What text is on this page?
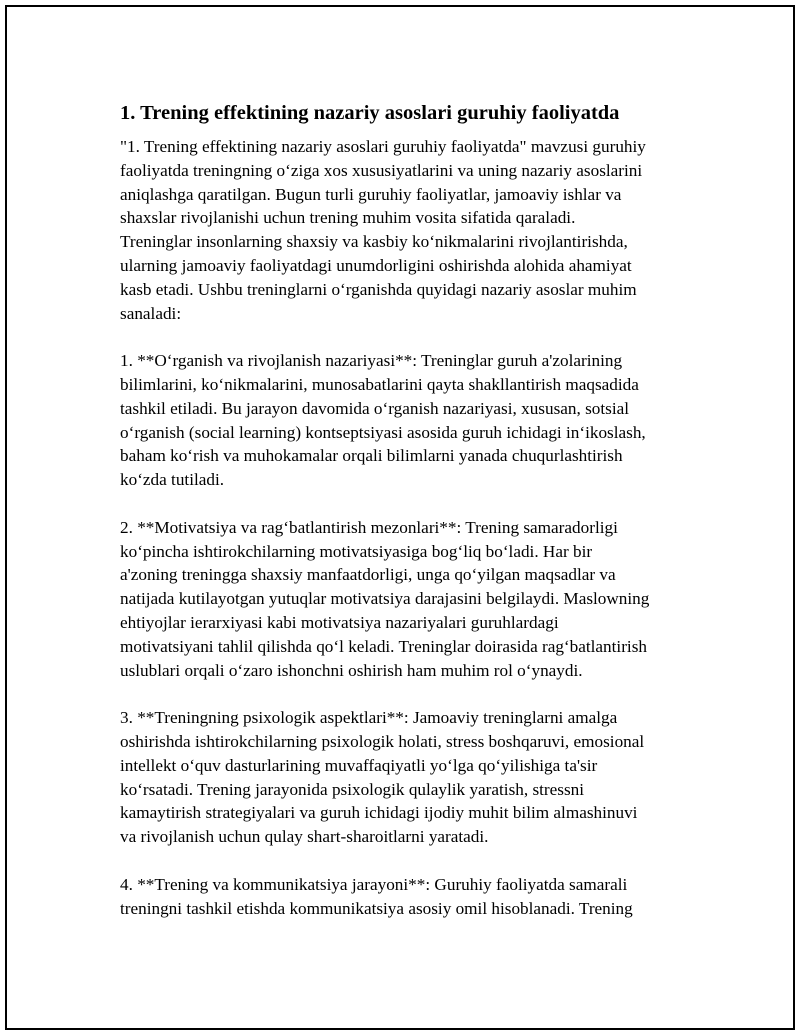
1. Trening effektining nazariy asoslari guruhiy faoliyatda
"1. Trening effektining nazariy asoslari guruhiy faoliyatda" mavzusi guruhiy
faoliyatda treningning o‘ziga xos xususiyatlarini va uning nazariy asoslarini
aniqlashga qaratilgan. Bugun turli guruhiy faoliyatlar, jamoaviy ishlar va
shaxslar rivojlanishi uchun trening muhim vosita sifatida qaraladi.
Treninglar insonlarning shaxsiy va kasbiy ko‘nikmalarini rivojlantirishda,
ularning jamoaviy faoliyatdagi unumdorligini oshirishda alohida ahamiyat
kasb etadi. Ushbu treninglarni o‘rganishda quyidagi nazariy asoslar muhim
sanaladi:
1. **O‘rganish va rivojlanish nazariyasi**: Treninglar guruh a'zolarining
bilimlarini, ko‘nikmalarini, munosabatlarini qayta shakllantirish maqsadida
tashkil etiladi. Bu jarayon davomida o‘rganish nazariyasi, xususan, sotsial
o‘rganish (social learning) kontseptsiyasi asosida guruh ichidagi in‘ikoslash,
baham ko‘rish va muhokamalar orqali bilimlarni yanada chuqurlashtirish
ko‘zda tutiladi.
2. **Motivatsiya va rag‘batlantirish mezonlari**: Trening samaradorligi
ko‘pincha ishtirokchilarning motivatsiyasiga bog‘liq bo‘ladi. Har bir
a'zoning treningga shaxsiy manfaatdorligi, unga qo‘yilgan maqsadlar va
natijada kutilayotgan yutuqlar motivatsiya darajasini belgilaydi. Maslowning
ehtiyojlar ierarxiyasi kabi motivatsiya nazariyalari guruhlardagi
motivatsiyani tahlil qilishda qo‘l keladi. Treninglar doirasida rag‘batlantirish
uslublari orqali o‘zaro ishonchni oshirish ham muhim rol o‘ynaydi.
3. **Treningning psixologik aspektlari**: Jamoaviy treninglarni amalga
oshirishda ishtirokchilarning psixologik holati, stress boshqaruvi, emosional
intellekt o‘quv dasturlarining muvaffaqiyatli yo‘lga qo‘yilishiga ta'sir
ko‘rsatadi. Trening jarayonida psixologik qulaylik yaratish, stressni
kamaytirish strategiyalari va guruh ichidagi ijodiy muhit bilim almashinuvi
va rivojlanish uchun qulay shart-sharoitlarni yaratadi.
4. **Trening va kommunikatsiya jarayoni**: Guruhiy faoliyatda samarali
treningni tashkil etishda kommunikatsiya asosiy omil hisoblanadi. Trening
